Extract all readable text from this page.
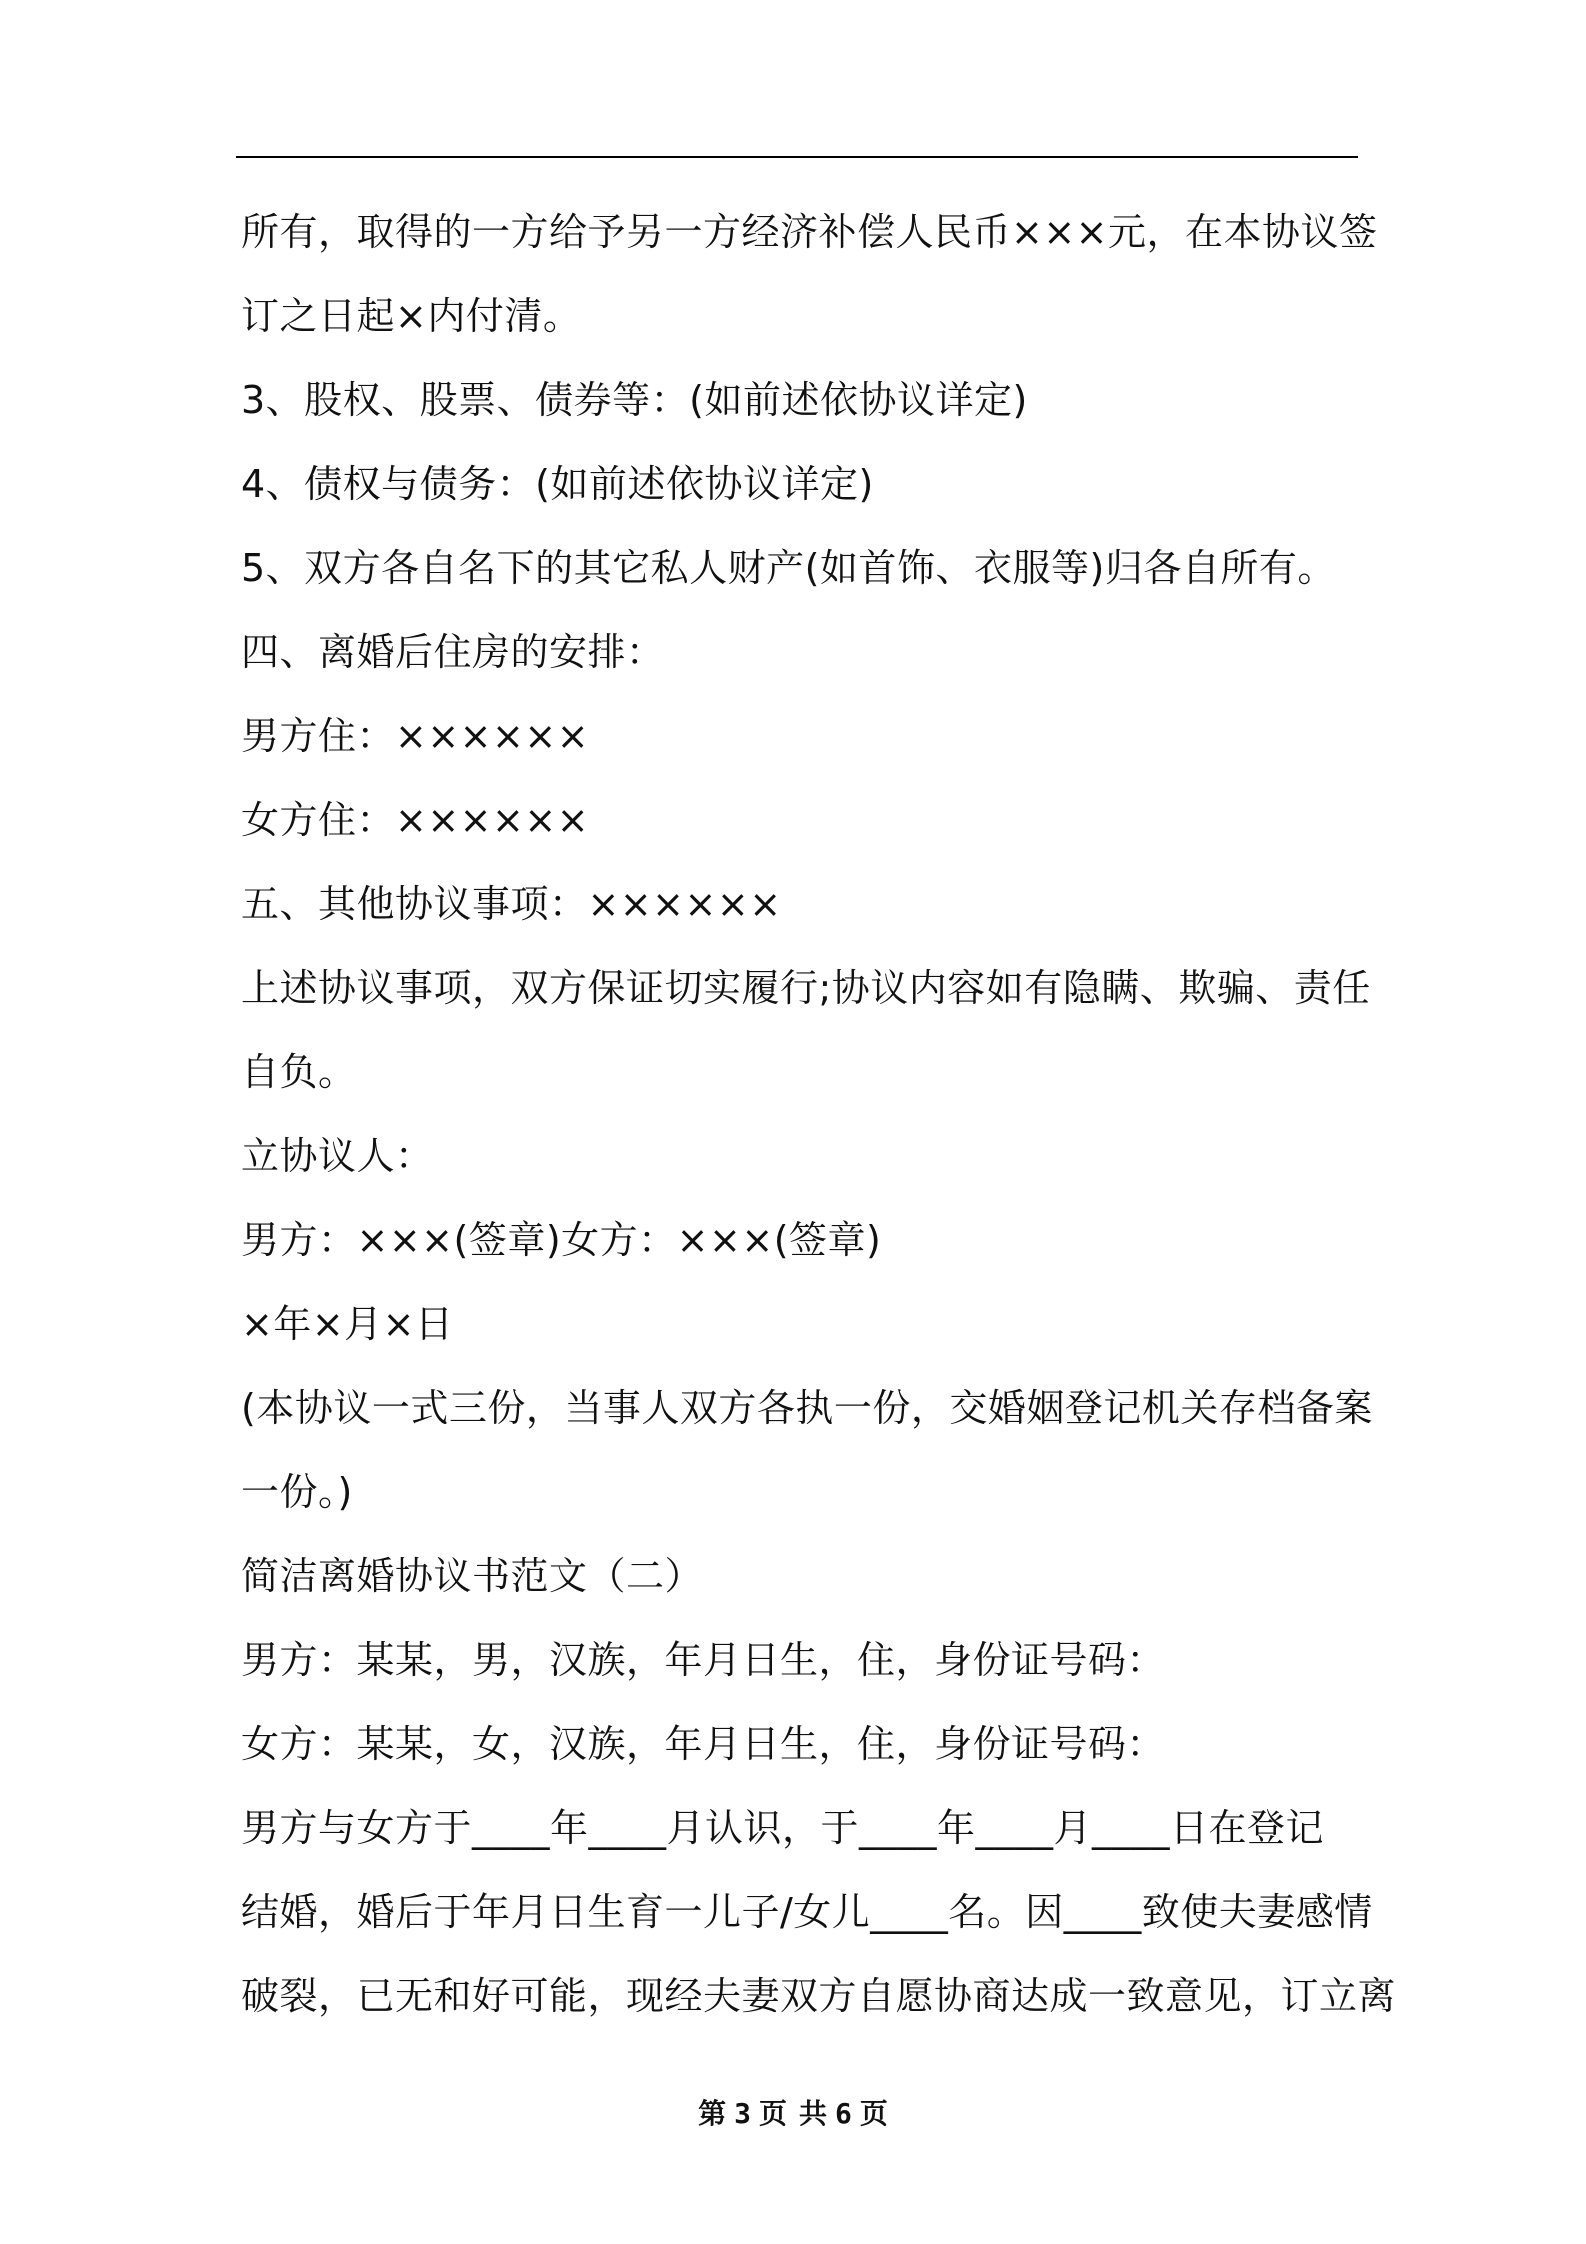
所有，取得的一方给予另一方经济补偿人民币×××元，在本协议签
订之日起×内付清。
3、股权、股票、债券等：(如前述依协议详定)
4、债权与债务：(如前述依协议详定)
5、双方各自名下的其它私人财产(如首饰、衣服等)归各自所有。
四、离婚后住房的安排：
男方住：××××××
女方住：××××××
五、其他协议事项：××××××
上述协议事项，双方保证切实履行;协议内容如有隐瞒、欺骗、责任
自负。
立协议人：
男方：×××(签章)女方：×××(签章)
×年×月×日
(本协议一式三份，当事人双方各执一份，交婚姻登记机关存档备案
一份。)
简洁离婚协议书范文（二）
男方：某某，男，汉族，年月日生，住，身份证号码：
女方：某某，女，汉族，年月日生，住，身份证号码：
男方与女方于____年____月认识，于____年____月____日在登记
结婚，婚后于年月日生育一儿子/女儿____名。因____致使夫妻感情
破裂，已无和好可能，现经夫妻双方自愿协商达成一致意见，订立离
第 3 页 共 6 页
